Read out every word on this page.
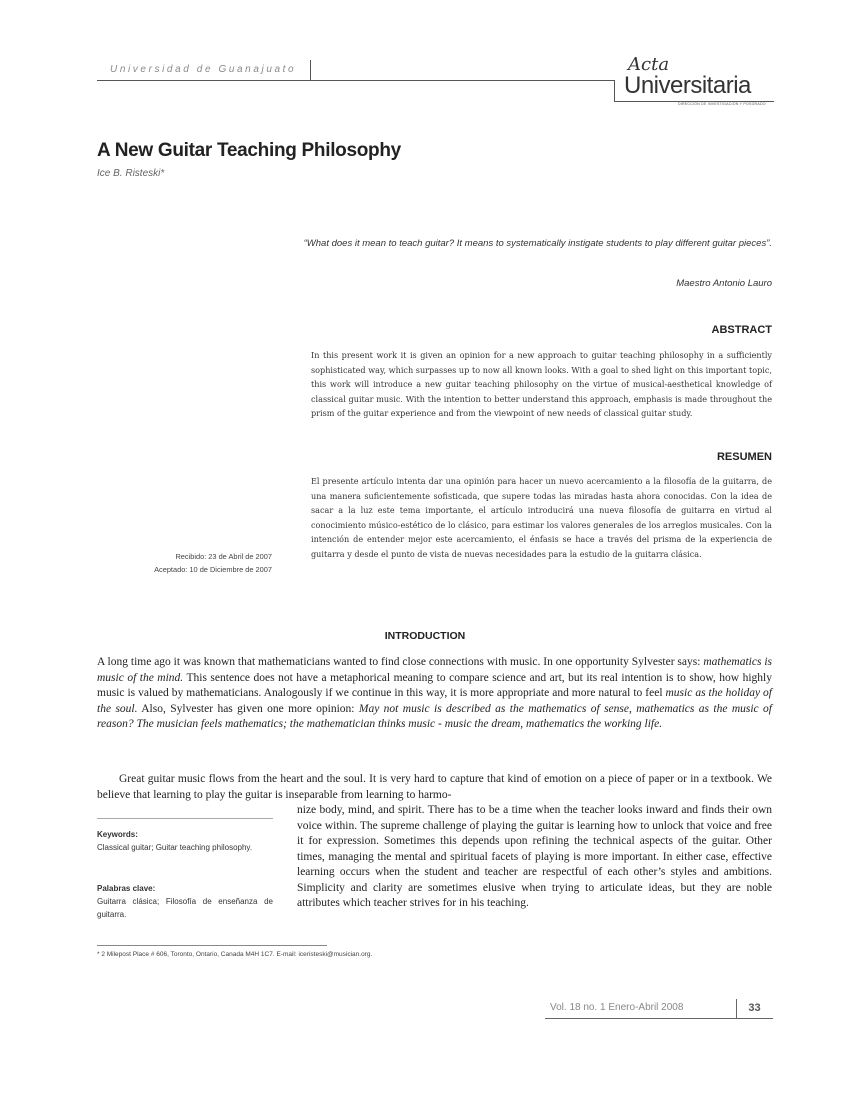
Universidad de Guanajuato	Acta
Universitaria
DIRECCIÓN DE INVESTIGACIÓN Y POSGRADO
A New Guitar Teaching Philosophy
Ice B. Risteski*
“What does it mean to teach guitar? It means to systematically instigate students to play different guitar pieces”.
Maestro Antonio Lauro
ABSTRACT

In this present work it is given an opinion for a new approach to guitar teaching philosophy in a sufficiently sophisticated way, which surpasses up to now all known looks. With a goal to shed light on this important topic, this work will introduce a new guitar teaching philosophy on the virtue of musical-aesthetical knowledge of classical guitar music. With the intention to better understand this approach, emphasis is made throughout the prism of the guitar experience and from the viewpoint of new needs of classical guitar study.

RESUMEN

El presente artículo intenta dar una opinión para hacer un nuevo acercamiento a la filosofía de la guitarra, de una manera suficientemente sofisticada, que supere todas las miradas hasta ahora conocidas. Con la idea de sacar a la luz este tema importante, el artículo introducirá una nueva filosofía de guitarra en virtud al conocimiento músico-estético de lo clásico, para estimar los valores generales de los arreglos musicales. Con la intención de entender mejor este acercamiento, el énfasis se hace a través del prisma de la experiencia de guitarra y desde el punto de vista de nuevas necesidades para la estudio de la guitarra clásica.

Recibido: 23 de Abril de 2007
Aceptado: 10 de Diciembre de 2007
INTRODUCTION

A long time ago it was known that mathematicians wanted to find close connections with music. In one opportunity Sylvester says: mathematics is music of the mind. This sentence does not have a metaphorical meaning to compare science and art, but its real intention is to show, how highly music is valued by mathematicians. Analogously if we continue in this way, it is more appropriate and more natural to feel music as the holiday of the soul. Also, Sylvester has given one more opinion: May not music is described as the mathematics of sense, mathematics as the music of reason? The musician feels mathematics; the mathematician thinks music - music the dream, mathematics the working life.

Great guitar music flows from the heart and the soul. It is very hard to capture that kind of emotion on a piece of paper or in a textbook. We believe that learning to play the guitar is inseparable from learning to harmo-

nize body, mind, and spirit. There has to be a time when the teacher looks inward and finds their own voice within. The supreme challenge of playing the guitar is learning how to unlock that voice and free it for expression. Sometimes this depends upon refining the technical aspects of the guitar. Other times, managing the mental and spiritual facets of playing is more important. In either case, effective learning occurs when the student and teacher are respectful of each other’s styles and ambitions. Simplicity and clarity are sometimes elusive when trying to articulate ideas, but they are noble attributes which teacher strives for in his teaching.

Keywords:
Classical guitar; Guitar teaching philosophy.
Palabras clave:
Guitarra clásica; Filosofía de enseñanza de guitarra.
* 2 Milepost Place # 606, Toronto, Ontario, Canada M4H 1C7. E-mail: iceristeski@musician.org.
Vol. 18 no. 1 Enero-Abril 2008	33
